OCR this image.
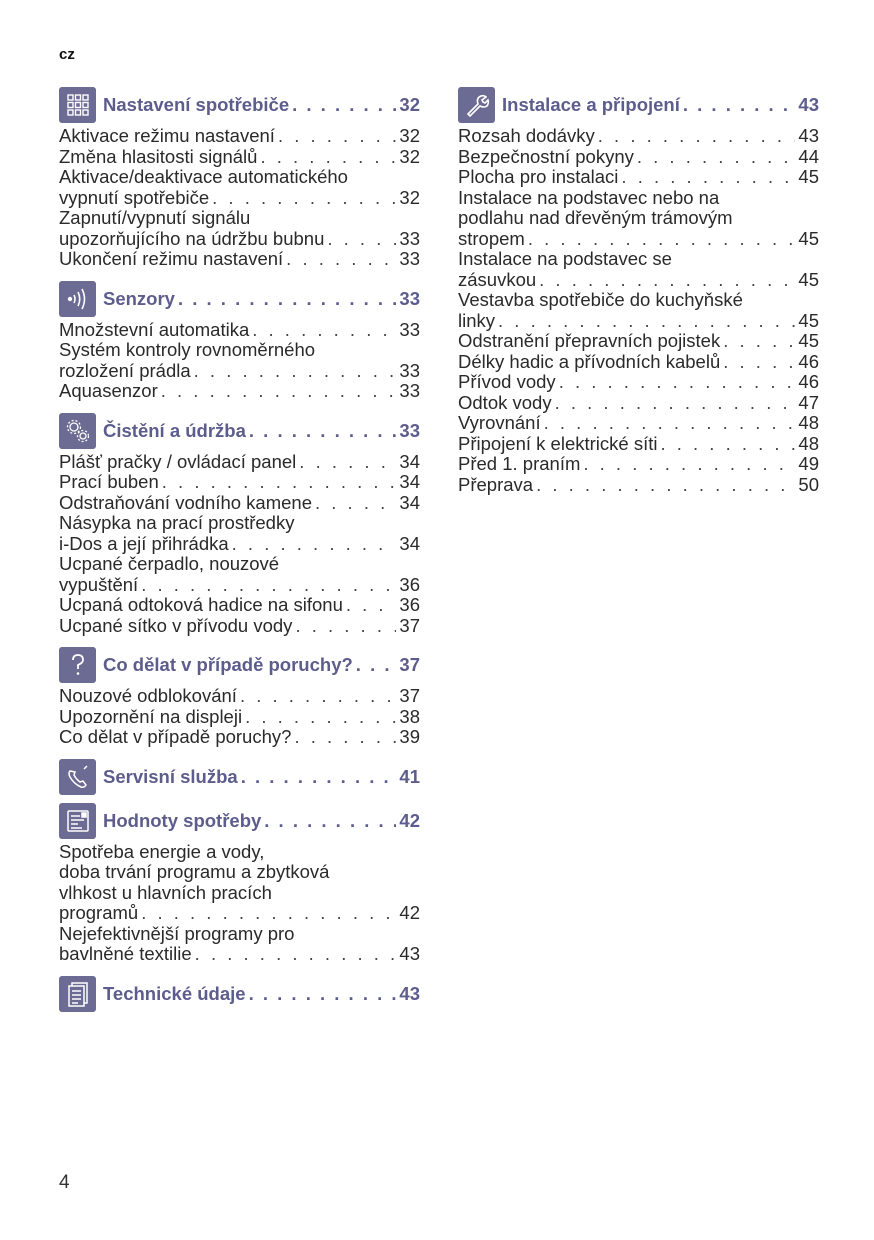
cz
Nastavení spotřebiče . . .	32
Aktivace režimu nastavení . . .	32
Změna hlasitosti signálů . . .	32
Aktivace/deaktivace automatického
vypnutí spotřebiče . . .	32
Zapnutí/vypnutí signálu
upozorňujícího na údržbu bubnu . . .	33
Ukončení režimu nastavení . . .	33
Senzory . . .	33
Množstevní automatika . . .	33
Systém kontroly rovnoměrného
rozložení prádla . . .	33
Aquasenzor . . .	33
Čistění a údržba . . .	33
Plášť pračky / ovládací panel . . .	34
Prací buben . . .	34
Odstraňování vodního kamene . . .	34
Násypka na prací prostředky
i-Dos a její přihrádka . . .	34
Ucpané čerpadlo, nouzové
vypuštění . . .	36
Ucpaná odtoková hadice na sifonu . . .	36
Ucpané sítko v přívodu vody . . .	37
Co dělat v případě poruchy? . . .	37
Nouzové odblokování . . .	37
Upozornění na displeji . . .	38
Co dělat v případě poruchy? . . .	39
Servisní služba . . .	41
Hodnoty spotřeby . . .	42
Spotřeba energie a vody,
doba trvání programu a zbytková
vlhkost u hlavních pracích
programů . . .	42
Nejefektivnější programy pro
bavlněné textilie . . .	43
Technické údaje . . .	43
Instalace a připojení . . .	43
Rozsah dodávky . . .	43
Bezpečnostní pokyny . . .	44
Plocha pro instalaci . . .	45
Instalace na podstavec nebo na
podlahu nad dřevěným trámovým
stropem . . .	45
Instalace na podstavec se
zásuvkou . . .	45
Vestavba spotřebiče do kuchyňské
linky . . .	45
Odstranění přepravních pojistek . . .	45
Délky hadic a přívodních kabelů . . .	46
Přívod vody . . .	46
Odtok vody . . .	47
Vyrovnání . . .	48
Připojení k elektrické síti . . .	48
Před 1. praním . . .	49
Přeprava . . .	50
4
